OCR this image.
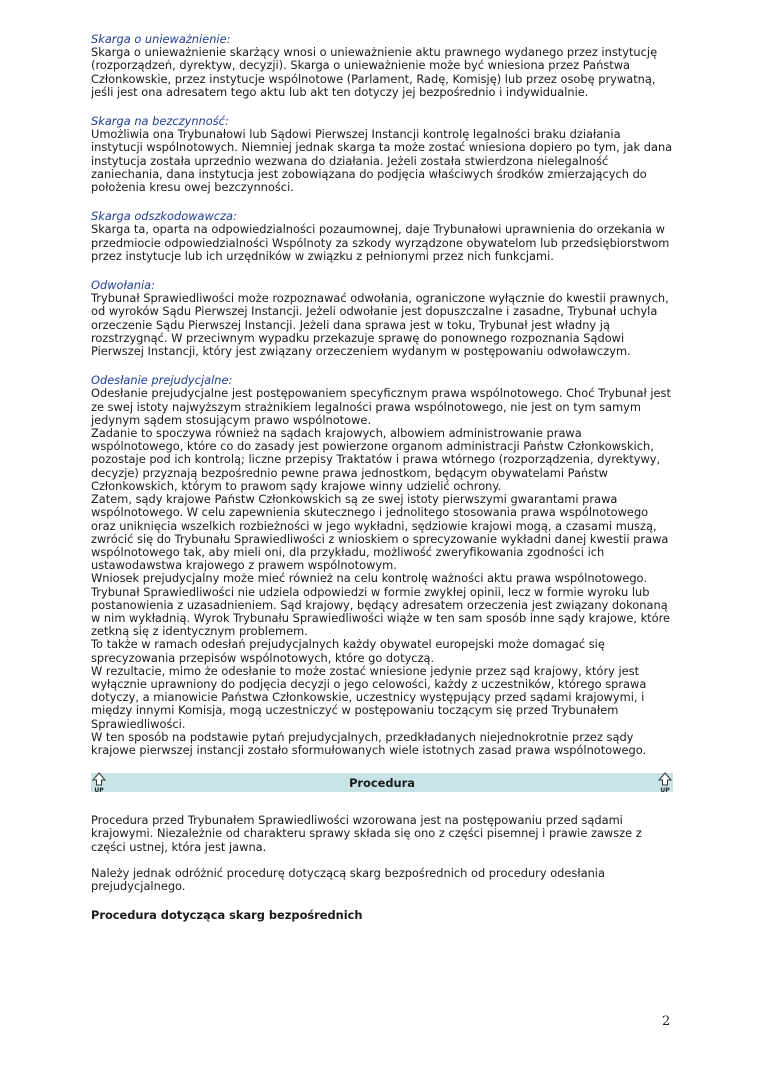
Skarga o unieważnienie:
Skarga o unieważnienie skarżący wnosi o unieważnienie aktu prawnego wydanego przez instytucję (rozporządzeń, dyrektyw, decyzji). Skarga o unieważnienie może być wniesiona przez Państwa Członkowskie, przez instytucje wspólnotowe (Parlament, Radę, Komisję) lub przez osobę prywatną, jeśli jest ona adresatem tego aktu lub akt ten dotyczy jej bezpośrednio i indywidualnie.
Skarga na bezczynność:
Umożliwia ona Trybunałowi lub Sądowi Pierwszej Instancji kontrolę legalności braku działania instytucji wspólnotowych. Niemniej jednak skarga ta może zostać wniesiona dopiero po tym, jak dana instytucja została uprzednio wezwana do działania. Jeżeli została stwierdzona nielegalność zaniechania, dana instytucja jest zobowiązana do podjęcia właściwych środków zmierzających do położenia kresu owej bezczynności.
Skarga odszkodowawcza:
Skarga ta, oparta na odpowiedzialności pozaumownej, daje Trybunałowi uprawnienia do orzekania w przedmiocie odpowiedzialności Wspólnoty za szkody wyrządzone obywatelom lub przedsiębiorstwom przez instytucje lub ich urzędników w związku z pełnionymi przez nich funkcjami.
Odwołania:
Trybunał Sprawiedliwości może rozpoznawać odwołania, ograniczone wyłącznie do kwestii prawnych, od wyroków Sądu Pierwszej Instancji. Jeżeli odwołanie jest dopuszczalne i zasadne, Trybunał uchyla orzeczenie Sądu Pierwszej Instancji. Jeżeli dana sprawa jest w toku, Trybunał jest władny ją rozstrzygnąć. W przeciwnym wypadku przekazuje sprawę do ponownego rozpoznania Sądowi Pierwszej Instancji, który jest związany orzeczeniem wydanym w postępowaniu odwoławczym.
Odesłanie prejudycjalne:
Odesłanie prejudycjalne jest postępowaniem specyficznym prawa wspólnotowego. Choć Trybunał jest ze swej istoty najwyższym strażnikiem legalności prawa wspólnotowego, nie jest on tym samym jedynym sądem stosującym prawo wspólnotowe.
Zadanie to spoczywa również na sądach krajowych, albowiem administrowanie prawa wspólnotowego, które co do zasady jest powierzone organom administracji Państw Członkowskich, pozostaje pod ich kontrolą; liczne przepisy Traktatów i prawa wtórnego (rozporządzenia, dyrektywy, decyzje) przyznają bezpośrednio pewne prawa jednostkom, będącym obywatelami Państw Członkowskich, którym to prawom sądy krajowe winny udzielić ochrony.
Zatem, sądy krajowe Państw Członkowskich są ze swej istoty pierwszymi gwarantami prawa wspólnotowego. W celu zapewnienia skutecznego i jednolitego stosowania prawa wspólnotowego oraz uniknięcia wszelkich rozbieżności w jego wykładni, sędziowie krajowi mogą, a czasami muszą, zwrócić się do Trybunału Sprawiedliwości z wnioskiem o sprecyzowanie wykładni danej kwestii prawa wspólnotowego tak, aby mieli oni, dla przykładu, możliwość zweryfikowania zgodności ich ustawodawstwa krajowego z prawem wspólnotowym.
Wniosek prejudycjalny może mieć również na celu kontrolę ważności aktu prawa wspólnotowego. Trybunał Sprawiedliwości nie udziela odpowiedzi w formie zwykłej opinii, lecz w formie wyroku lub postanowienia z uzasadnieniem. Sąd krajowy, będący adresatem orzeczenia jest związany dokonaną w nim wykładnią. Wyrok Trybunału Sprawiedliwości wiąże w ten sam sposób inne sądy krajowe, które zetkną się z identycznym problemem.
To także w ramach odesłań prejudycjalnych każdy obywatel europejski może domagać się sprecyzowania przepisów wspólnotowych, które go dotyczą.
W rezultacie, mimo że odesłanie to może zostać wniesione jedynie przez sąd krajowy, który jest wyłącznie uprawniony do podjęcia decyzji o jego celowości, każdy z uczestników, którego sprawa dotyczy, a mianowicie Państwa Członkowskie, uczestnicy występujący przed sądami krajowymi, i między innymi Komisja, mogą uczestniczyć w postępowaniu toczącym się przed Trybunałem Sprawiedliwości.
W ten sposób na podstawie pytań prejudycjalnych, przedkładanych niejednokrotnie przez sądy krajowe pierwszej instancji zostało sformułowanych wiele istotnych zasad prawa wspólnotowego.
UP
Procedura
UP
Procedura przed Trybunałem Sprawiedliwości wzorowana jest na postępowaniu przed sądami krajowymi. Niezależnie od charakteru sprawy składa się ono z części pisemnej i prawie zawsze z części ustnej, która jest jawna.
Należy jednak odróżnić procedurę dotyczącą skarg bezpośrednich od procedury odesłania prejudycjalnego.
Procedura dotycząca skarg bezpośrednich
2
